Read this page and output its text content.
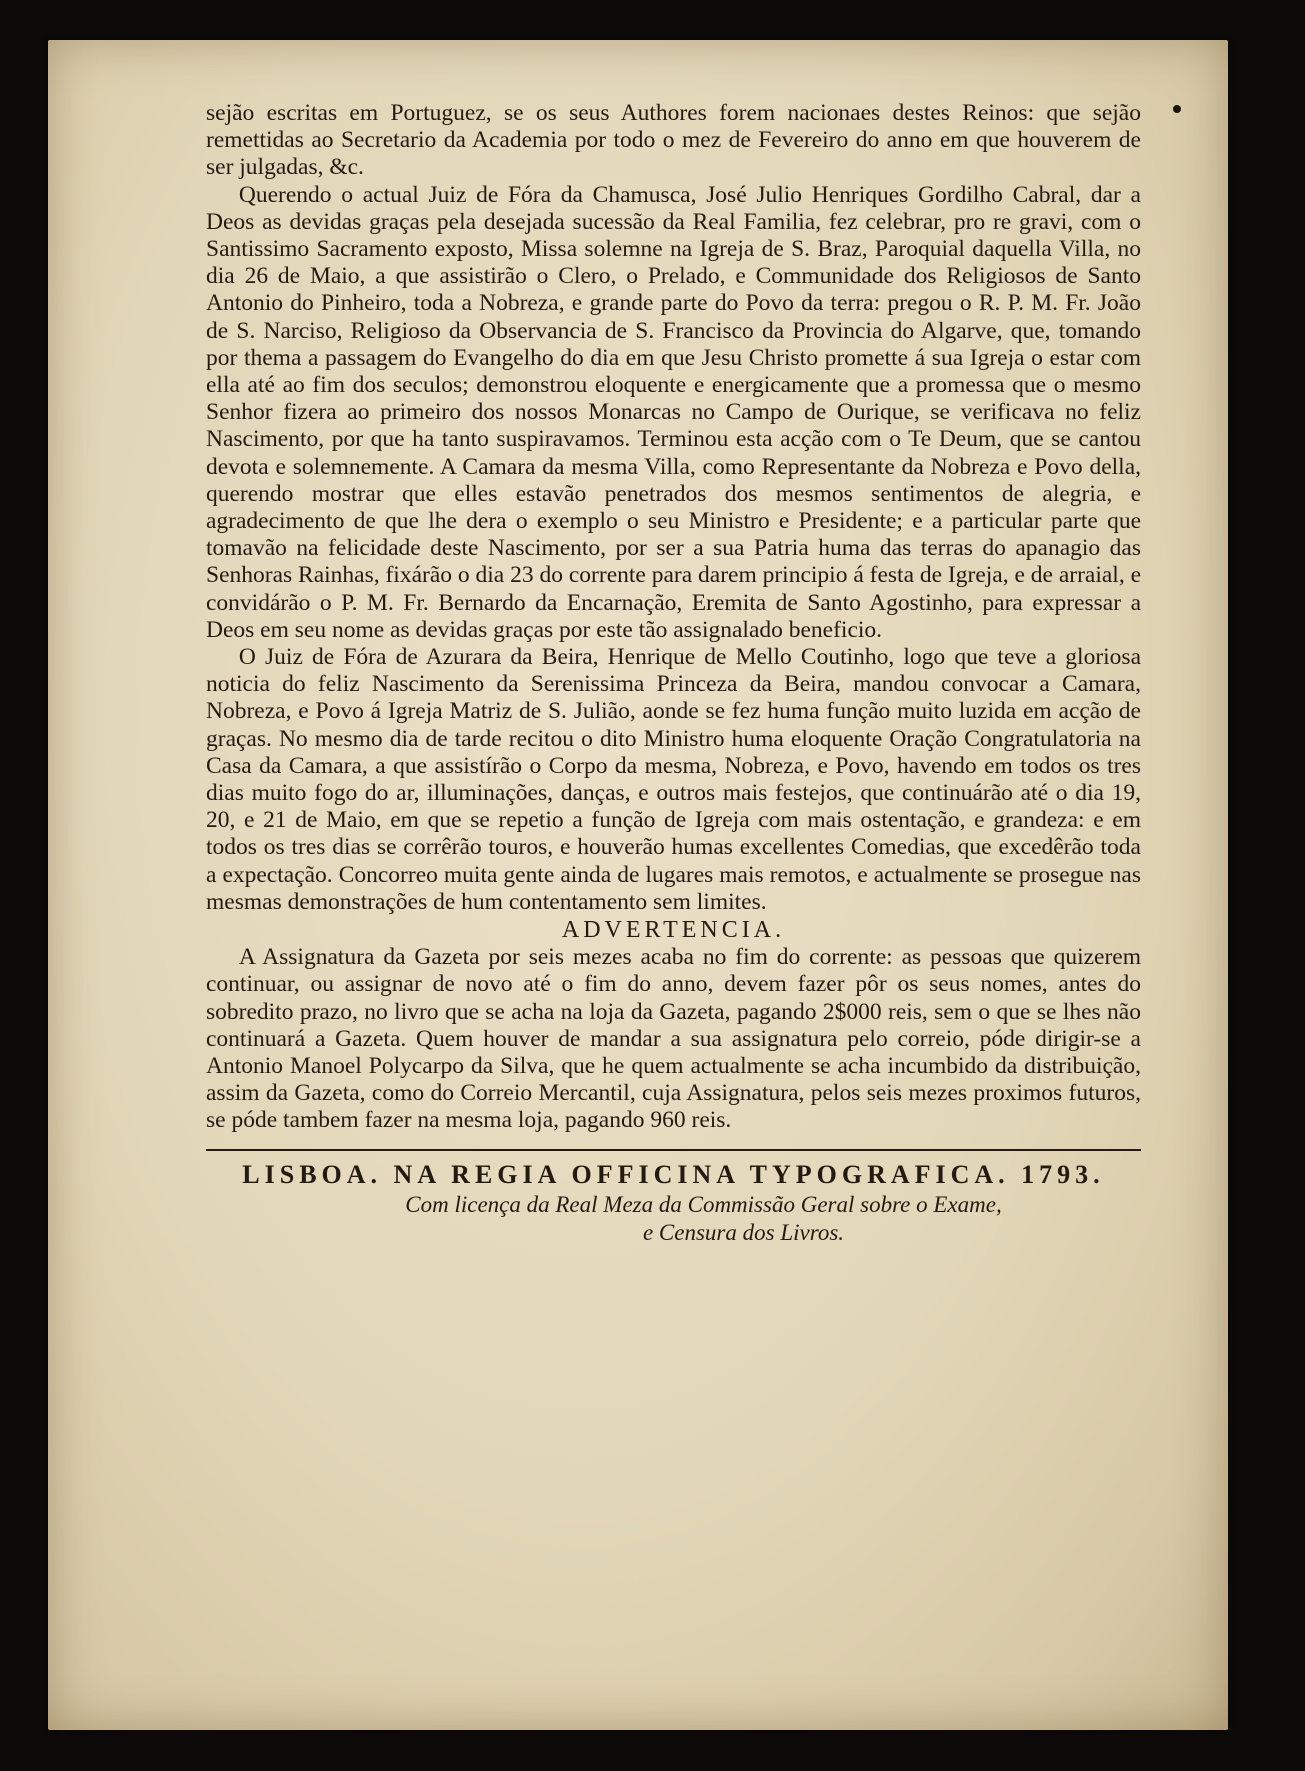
sejão escritas em Portuguez, se os seus Authores forem nacionaes destes Reinos: que sejão remettidas ao Secretario da Academia por todo o mez de Fevereiro do anno em que houverem de ser julgadas, &c.

Querendo o actual Juiz de Fóra da Chamusca, José Julio Henriques Gordilho Cabral, dar a Deos as devidas graças pela desejada sucessão da Real Familia, fez celebrar, pro re gravi, com o Santissimo Sacramento exposto, Missa solemne na Igreja de S. Braz, Paroquial daquella Villa, no dia 26 de Maio, a que assistirão o Clero, o Prelado, e Communidade dos Religiosos de Santo Antonio do Pinheiro, toda a Nobreza, e grande parte do Povo da terra: pregou o R. P. M. Fr. João de S. Narciso, Religioso da Observancia de S. Francisco da Provincia do Algarve, que, tomando por thema a passagem do Evangelho do dia em que Jesu Christo promette á sua Igreja o estar com ella até ao fim dos seculos; demonstrou eloquente e energicamente que a promessa que o mesmo Senhor fizera ao primeiro dos nossos Monarcas no Campo de Ourique, se verificava no feliz Nascimento, por que ha tanto suspiravamos. Terminou esta acção com o Te Deum, que se cantou devota e solemnemente. A Camara da mesma Villa, como Representante da Nobreza e Povo della, querendo mostrar que elles estavão penetrados dos mesmos sentimentos de alegria, e agradecimento de que lhe dera o exemplo o seu Ministro e Presidente; e a particular parte que tomavão na felicidade deste Nascimento, por ser a sua Patria huma das terras do apanagio das Senhoras Rainhas, fixárão o dia 23 do corrente para darem principio á festa de Igreja, e de arraial, e convidárão o P. M. Fr. Bernardo da Encarnação, Eremita de Santo Agostinho, para expressar a Deos em seu nome as devidas graças por este tão assignalado beneficio.

O Juiz de Fóra de Azurara da Beira, Henrique de Mello Coutinho, logo que teve a gloriosa noticia do feliz Nascimento da Serenissima Princeza da Beira, mandou convocar a Camara, Nobreza, e Povo á Igreja Matriz de S. Julião, aonde se fez huma função muito luzida em acção de graças. No mesmo dia de tarde recitou o dito Ministro huma eloquente Oração Congratulatoria na Casa da Camara, a que assistírão o Corpo da mesma, Nobreza, e Povo, havendo em todos os tres dias muito fogo do ar, illuminações, danças, e outros mais festejos, que continuárão até o dia 19, 20, e 21 de Maio, em que se repetio a função de Igreja com mais ostentação, e grandeza: e em todos os tres dias se corrêrão touros, e houverão humas excellentes Comedias, que excedêrão toda a expectação. Concorreo muita gente ainda de lugares mais remotos, e actualmente se prosegue nas mesmas demonstrações de hum contentamento sem limites.

ADVERTENCIA.

A Assignatura da Gazeta por seis mezes acaba no fim do corrente: as pessoas que quizerem continuar, ou assignar de novo até o fim do anno, devem fazer pôr os seus nomes, antes do sobredito prazo, no livro que se acha na loja da Gazeta, pagando 2$000 reis, sem o que se lhes não continuará a Gazeta. Quem houver de mandar a sua assignatura pelo correio, póde dirigir-se a Antonio Manoel Polycarpo da Silva, que he quem actualmente se acha incumbido da distribuição, assim da Gazeta, como do Correio Mercantil, cuja Assignatura, pelos seis mezes proximos futuros, se póde tambem fazer na mesma loja, pagando 960 reis.

LISBOA. NA REGIA OFFICINA TYPOGRAFICA. 1793.

Com licença da Real Meza da Commissão Geral sobre o Exame,
e Censura dos Livros.
